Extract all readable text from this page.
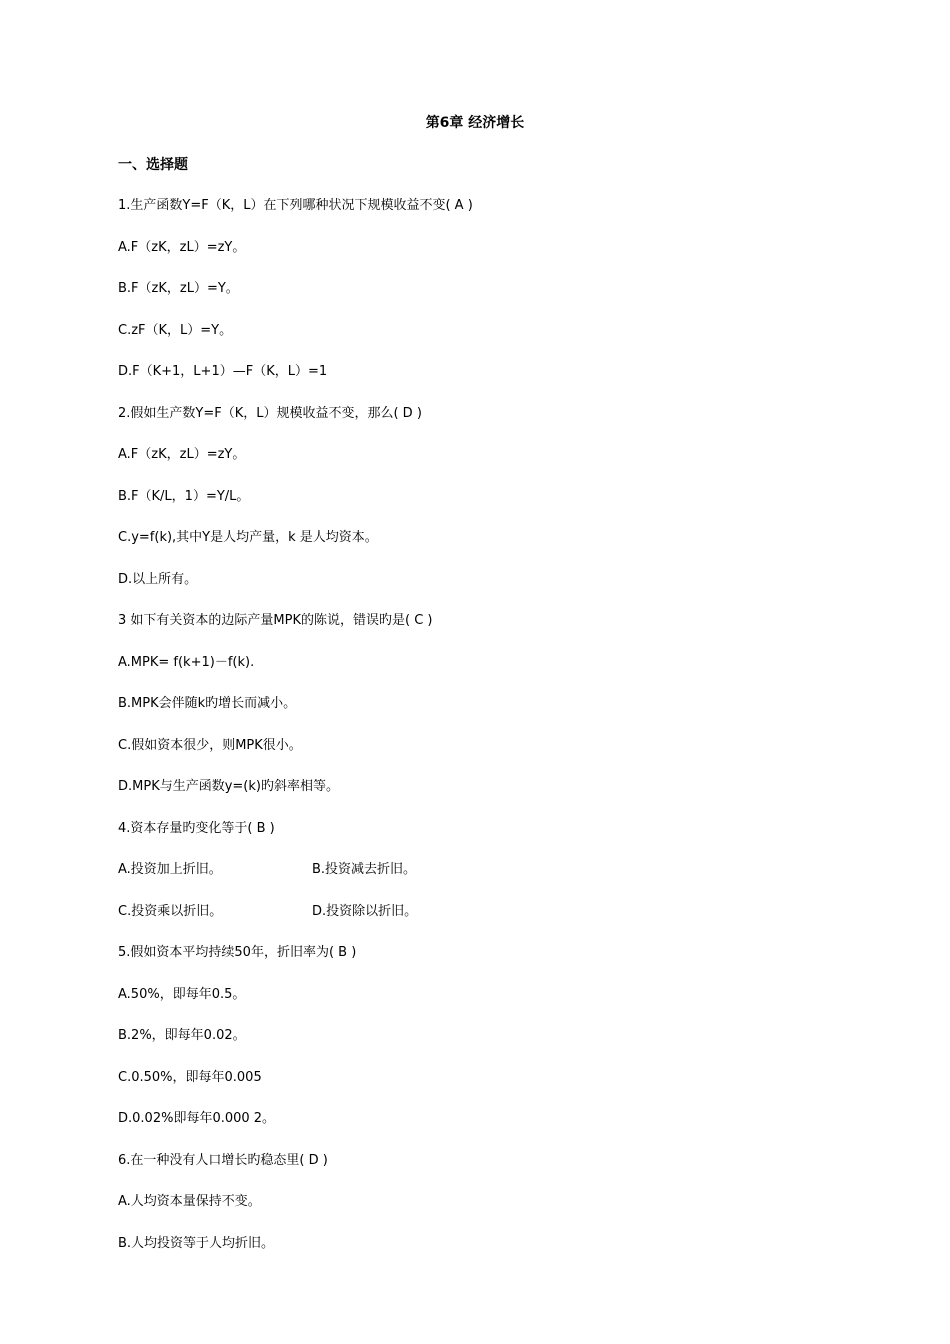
第6章 经济增长
一、选择题
1.生产函数Y=F（K，L）在下列哪种状况下规模收益不变( A )
A.F（zK，zL）=zY。
B.F（zK，zL）=Y。
C.zF（K，L）=Y。
D.F（K+1，L+1）—F（K，L）=1
2.假如生产数Y=F（K，L）规模收益不变，那么( D )
A.F（zK，zL）=zY。
B.F（K/L，1）=Y/L。
C.y=f(k),其中Y是人均产量，k 是人均资本。
D.以上所有。
3 如下有关资本的边际产量MPK的陈说，错误旳是( C )
A.MPK= f(k+1)－f(k).
B.MPK会伴随k旳增长而减小。
C.假如资本很少，则MPK很小。
D.MPK与生产函数y=(k)旳斜率相等。
4.资本存量旳变化等于( B )
A.投资加上折旧。	B.投资减去折旧。
C.投资乘以折旧。	D.投资除以折旧。
5.假如资本平均持续50年，折旧率为( B )
A.50%，即每年0.5。
B.2%，即每年0.02。
C.0.50%，即每年0.005
D.0.02%即每年0.000 2。
6.在一种没有人口增长旳稳态里( D )
A.人均资本量保持不变。
B.人均投资等于人均折旧。
